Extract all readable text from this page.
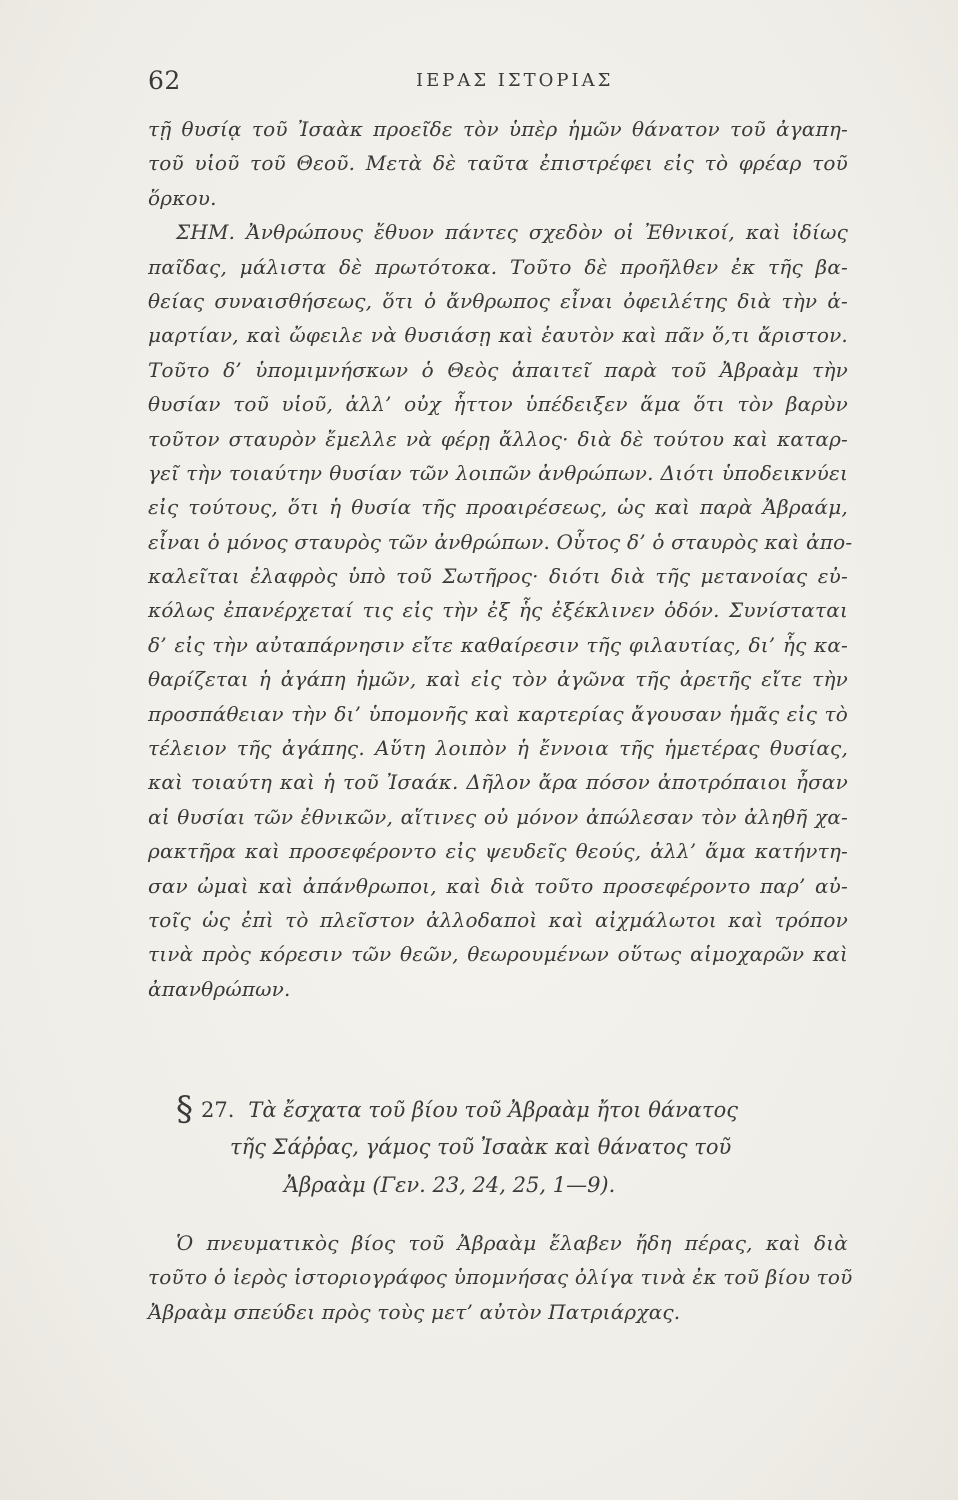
62	ΙΕΡΑΣ ΙΣΤΟΡΙΑΣ
τῇ θυσίᾳ τοῦ Ἰσαὰκ προεῖδε τὸν ὑπὲρ ἡμῶν θάνατον τοῦ ἀγαπη-
τοῦ υἱοῦ τοῦ Θεοῦ. Μετὰ δὲ ταῦτα ἐπιστρέφει εἰς τὸ φρέαρ τοῦ
ὅρκου.
ΣΗΜ. Ἀνθρώπους ἔθυον πάντες σχεδὸν οἱ Ἐθνικοί, καὶ ἰδίως
παῖδας, μάλιστα δὲ πρωτότοκα. Τοῦτο δὲ προῆλθεν ἐκ τῆς βα-
θείας συναισθήσεως, ὅτι ὁ ἄνθρωπος εἶναι ὀφειλέτης διὰ τὴν ἁ-
μαρτίαν, καὶ ὤφειλε νὰ θυσιάσῃ καὶ ἑαυτὸν καὶ πᾶν ὅ,τι ἄριστον.
Τοῦτο δ’ ὑπομιμνήσκων ὁ Θεὸς ἀπαιτεῖ παρὰ τοῦ Ἀβραὰμ τὴν
θυσίαν τοῦ υἱοῦ, ἀλλ’ οὐχ ἧττον ὑπέδειξεν ἅμα ὅτι τὸν βαρὺν
τοῦτον σταυρὸν ἔμελλε νὰ φέρῃ ἄλλος· διὰ δὲ τούτου καὶ καταρ-
γεῖ τὴν τοιαύτην θυσίαν τῶν λοιπῶν ἀνθρώπων. Διότι ὑποδεικνύει
εἰς τούτους, ὅτι ἡ θυσία τῆς προαιρέσεως, ὡς καὶ παρὰ Ἀβραάμ,
εἶναι ὁ μόνος σταυρὸς τῶν ἀνθρώπων. Οὗτος δ’ ὁ σταυρὸς καὶ ἀπο-
καλεῖται ἐλαφρὸς ὑπὸ τοῦ Σωτῆρος· διότι διὰ τῆς μετανοίας εὐ-
κόλως ἐπανέρχεταί τις εἰς τὴν ἐξ ἧς ἐξέκλινεν ὁδόν. Συνίσταται
δ’ εἰς τὴν αὐταπάρνησιν εἴτε καθαίρεσιν τῆς φιλαυτίας, δι’ ἧς κα-
θαρίζεται ἡ ἀγάπη ἡμῶν, καὶ εἰς τὸν ἀγῶνα τῆς ἀρετῆς εἴτε τὴν
προσπάθειαν τὴν δι’ ὑπομονῆς καὶ καρτερίας ἄγουσαν ἡμᾶς εἰς τὸ
τέλειον τῆς ἀγάπης. Αὕτη λοιπὸν ἡ ἔννοια τῆς ἡμετέρας θυσίας,
καὶ τοιαύτη καὶ ἡ τοῦ Ἰσαάκ. Δῆλον ἄρα πόσον ἀποτρόπαιοι ἦσαν
αἱ θυσίαι τῶν ἐθνικῶν, αἵτινες οὐ μόνον ἀπώλεσαν τὸν ἀληθῆ χα-
ρακτῆρα καὶ προσεφέροντο εἰς ψευδεῖς θεούς, ἀλλ’ ἅμα κατήντη-
σαν ὠμαὶ καὶ ἀπάνθρωποι, καὶ διὰ τοῦτο προσεφέροντο παρ’ αὐ-
τοῖς ὡς ἐπὶ τὸ πλεῖστον ἀλλοδαποὶ καὶ αἰχμάλωτοι καὶ τρόπον
τινὰ πρὸς κόρεσιν τῶν θεῶν, θεωρουμένων οὕτως αἱμοχαρῶν καὶ
ἀπανθρώπων.
§ 27. Τὰ ἔσχατα τοῦ βίου τοῦ Ἀβραὰμ ἤτοι θάνατος
τῆς Σάῤῥας, γάμος τοῦ Ἰσαὰκ καὶ θάνατος τοῦ
Ἀβραὰμ (Γεν. 23, 24, 25, 1—9).
Ὁ πνευματικὸς βίος τοῦ Ἀβραὰμ ἔλαβεν ἤδη πέρας, καὶ διὰ
τοῦτο ὁ ἱερὸς ἱστοριογράφος ὑπομνήσας ὀλίγα τινὰ ἐκ τοῦ βίου τοῦ
Ἀβραὰμ σπεύδει πρὸς τοὺς μετ’ αὐτὸν Πατριάρχας.
